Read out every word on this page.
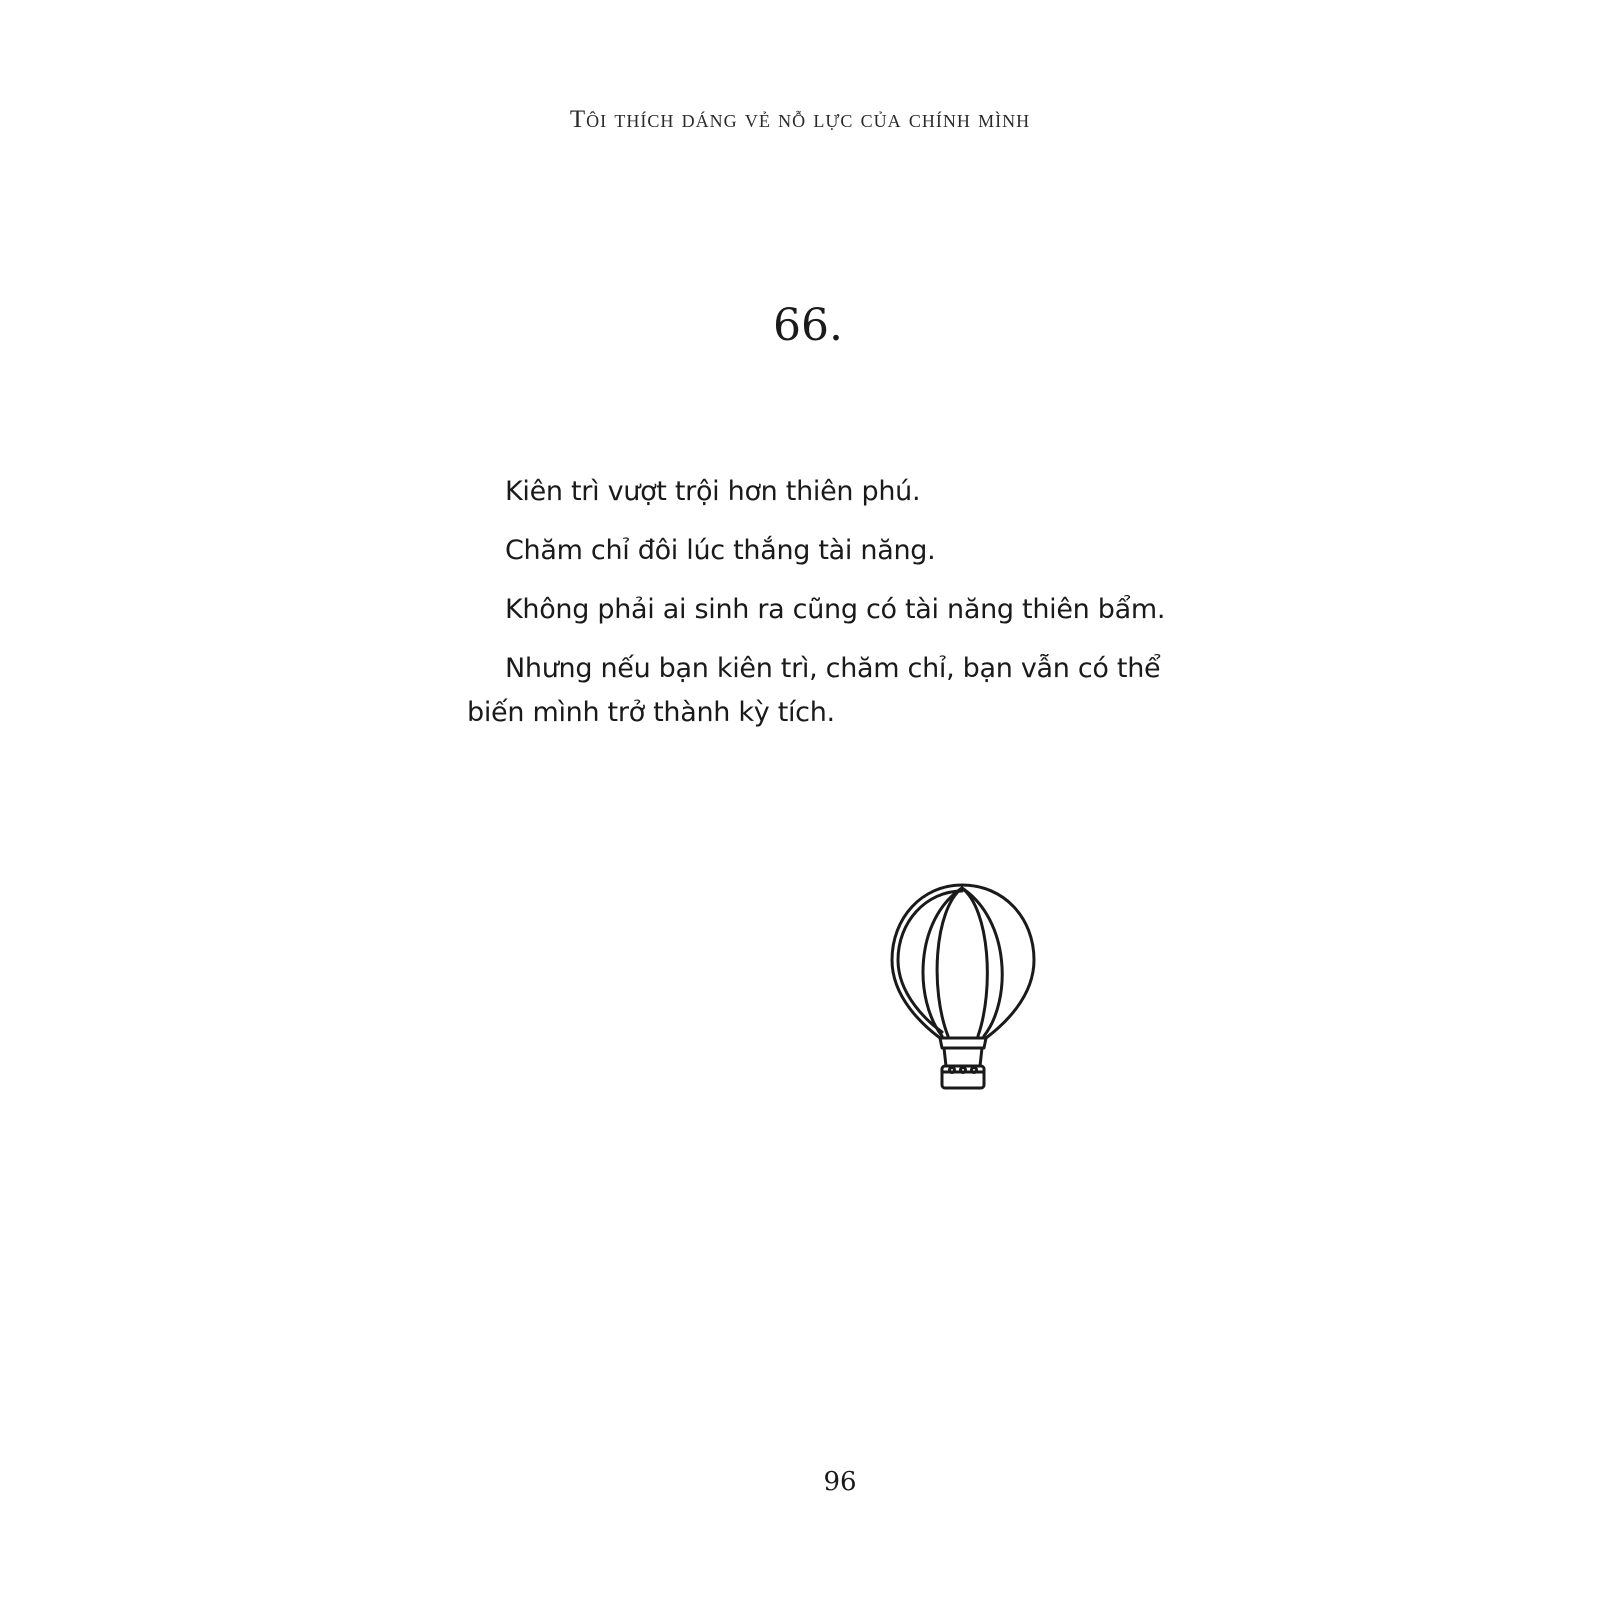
Tôi thích dáng vẻ nỗ lực của chính mình
66.

Kiên trì vượt trội hơn thiên phú.

Chăm chỉ đôi lúc thắng tài năng.

Không phải ai sinh ra cũng có tài năng thiên bẩm.

Nhưng nếu bạn kiên trì, chăm chỉ, bạn vẫn có thể biến mình trở thành kỳ tích.

96
